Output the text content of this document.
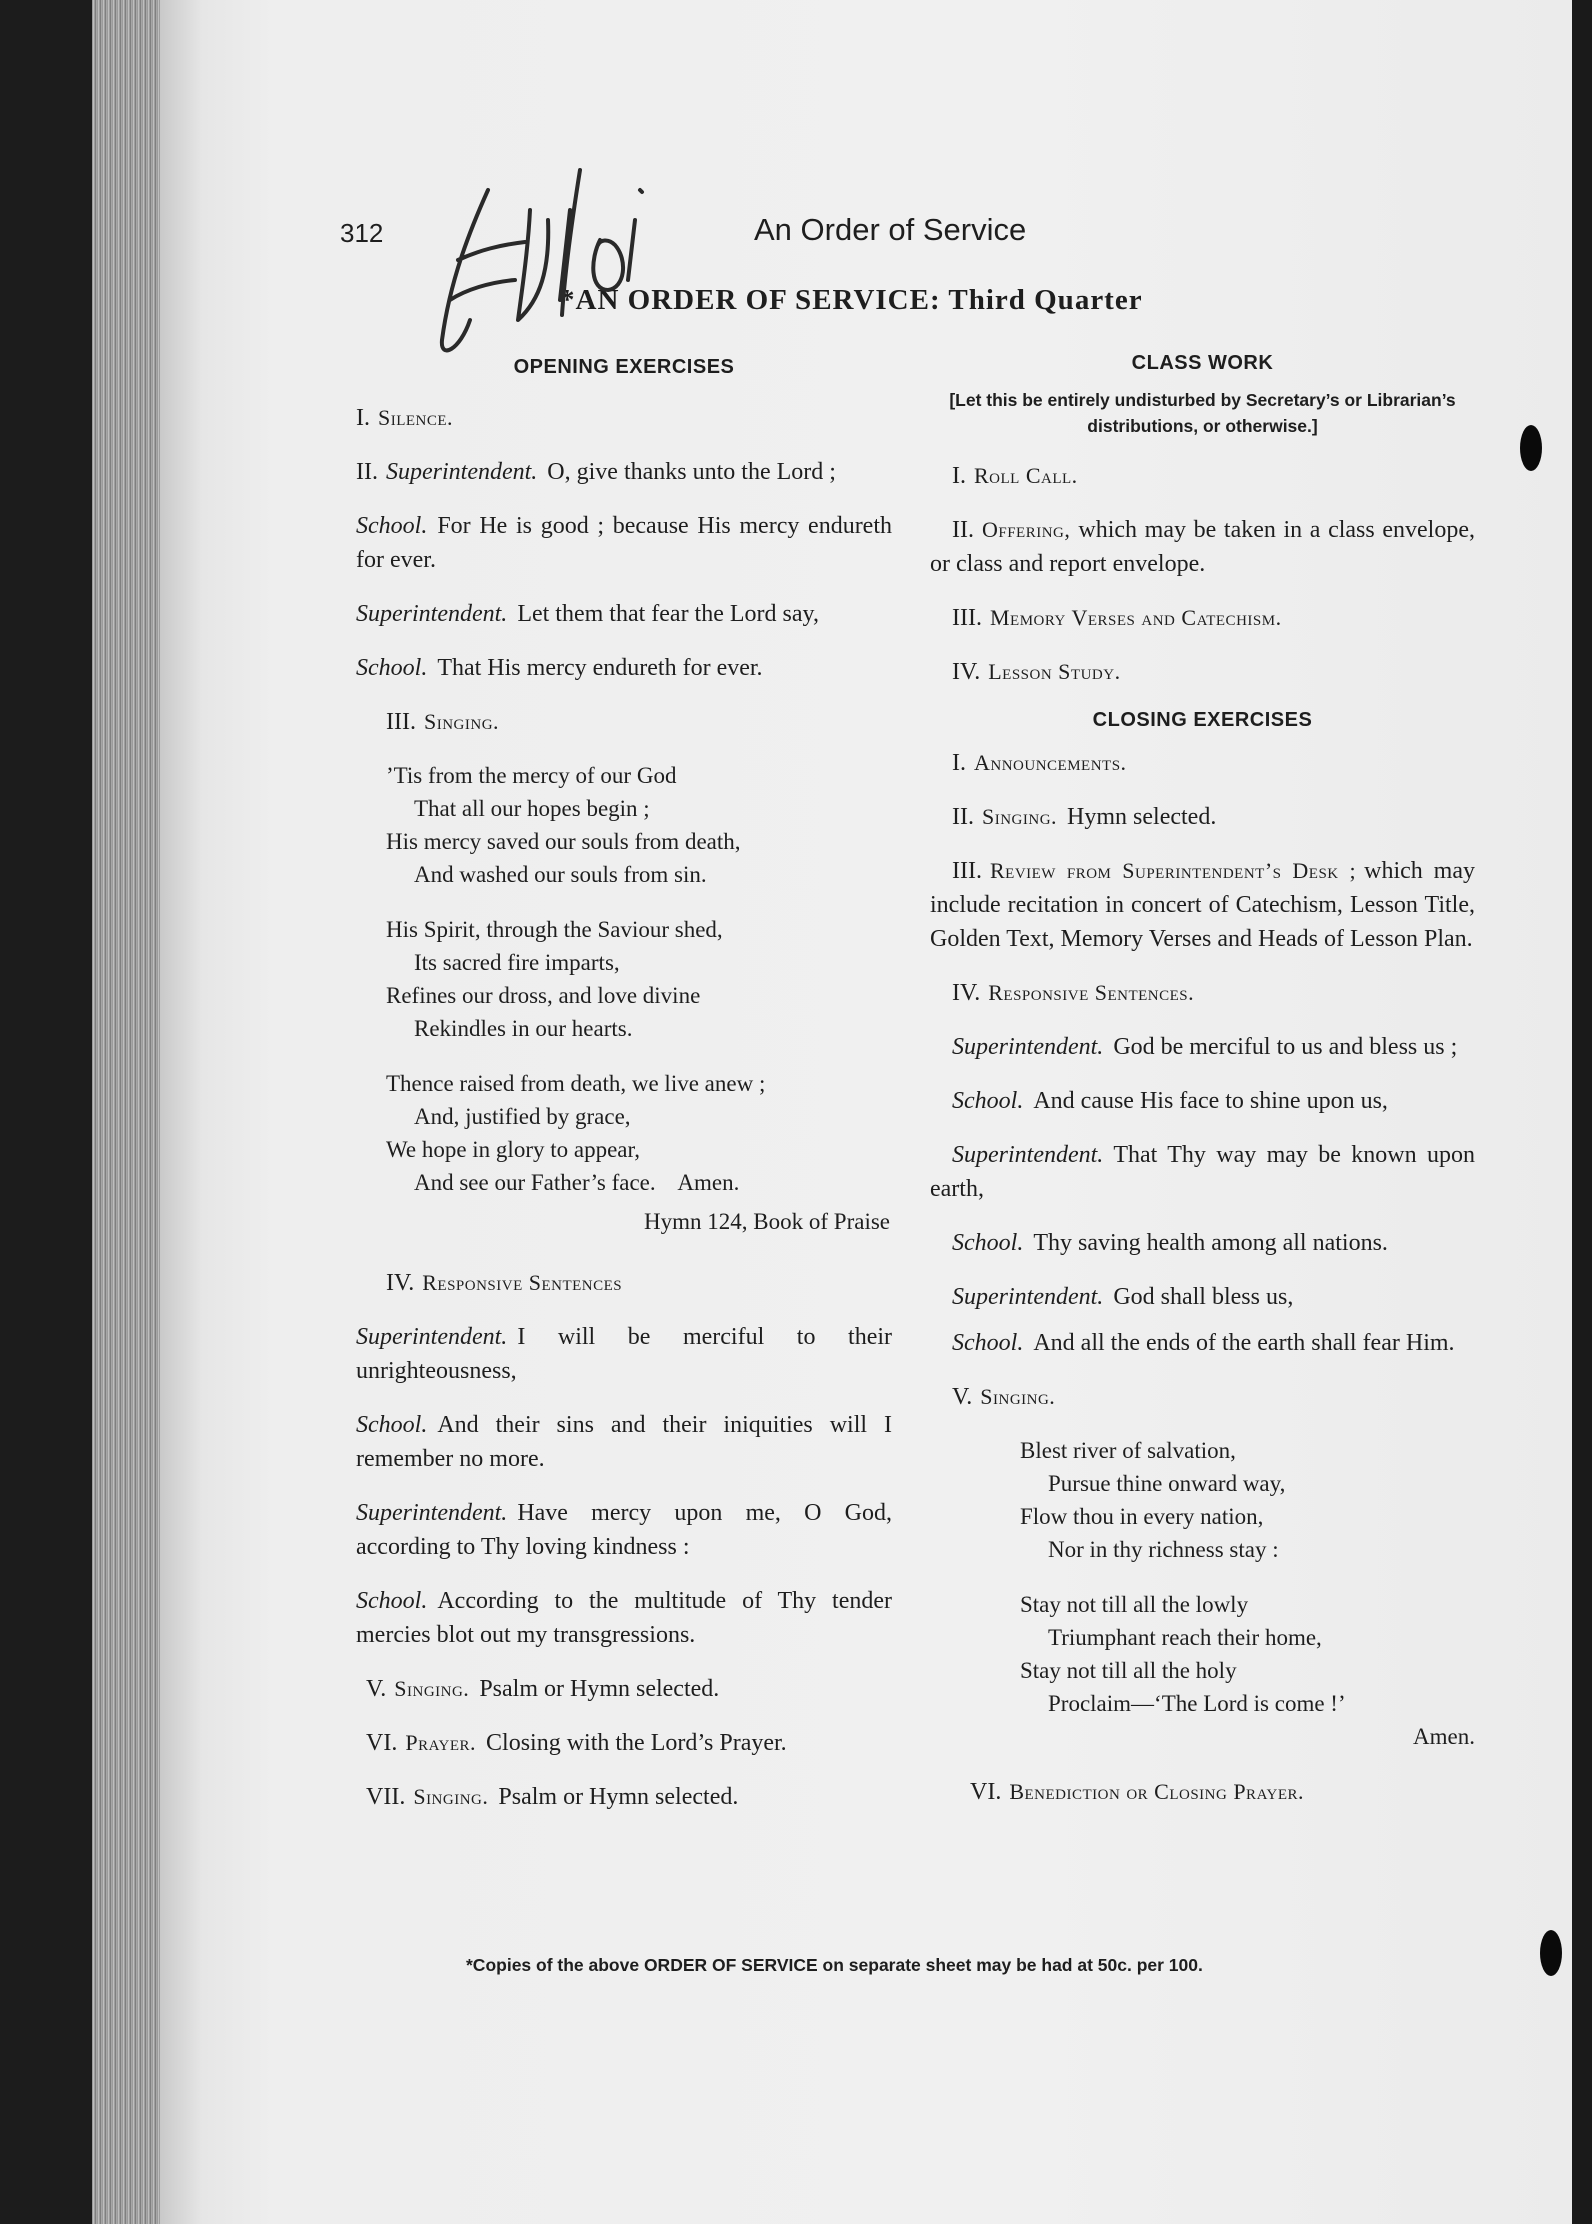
312	An Order of Service
*AN ORDER OF SERVICE: Third Quarter

OPENING EXERCISES

I. Silence.

II. Superintendent. O, give thanks unto the Lord ;

School. For He is good ; because His mercy endureth for ever.

Superintendent. Let them that fear the Lord say,

School. That His mercy endureth for ever.

III. Singing.

’Tis from the mercy of our God
That all our hopes begin ;
His mercy saved our souls from death,
And washed our souls from sin.
His Spirit, through the Saviour shed,
Its sacred fire imparts,
Refines our dross, and love divine
Rekindles in our hearts.
Thence raised from death, we live anew ;
And, justified by grace,
We hope in glory to appear,
And see our Father’s face.    Amen.
Hymn 124, Book of Praise

IV. Responsive Sentences

Superintendent. I will be merciful to their unrighteousness,

School. And their sins and their iniquities will I remember no more.

Superintendent. Have mercy upon me, O God, according to Thy loving kindness :

School. According to the multitude of Thy tender mercies blot out my transgressions.

V. Singing. Psalm or Hymn selected.

VI. Prayer. Closing with the Lord’s Prayer.

VII. Singing. Psalm or Hymn selected.

CLASS WORK

[Let this be entirely undisturbed by Secretary’s or Librarian’s distributions, or otherwise.]

I. Roll Call.

II. Offering, which may be taken in a class envelope, or class and report envelope.

III. Memory Verses and Catechism.

IV. Lesson Study.

CLOSING EXERCISES

I. Announcements.

II. Singing. Hymn selected.

III. Review from Superintendent’s Desk ; which may include recitation in concert of Catechism, Lesson Title, Golden Text, Memory Verses and Heads of Lesson Plan.

IV. Responsive Sentences.

Superintendent. God be merciful to us and bless us ;

School. And cause His face to shine upon us,

Superintendent. That Thy way may be known upon earth,

School. Thy saving health among all nations.

Superintendent. God shall bless us,

School. And all the ends of the earth shall fear Him.

V. Singing.

Blest river of salvation,
Pursue thine onward way,
Flow thou in every nation,
Nor in thy richness stay :
Stay not till all the lowly
Triumphant reach their home,
Stay not till all the holy
Proclaim—‘The Lord is come !’
Amen.

VI. Benediction or Closing Prayer.

*Copies of the above ORDER OF SERVICE on separate sheet may be had at 50c. per 100.
